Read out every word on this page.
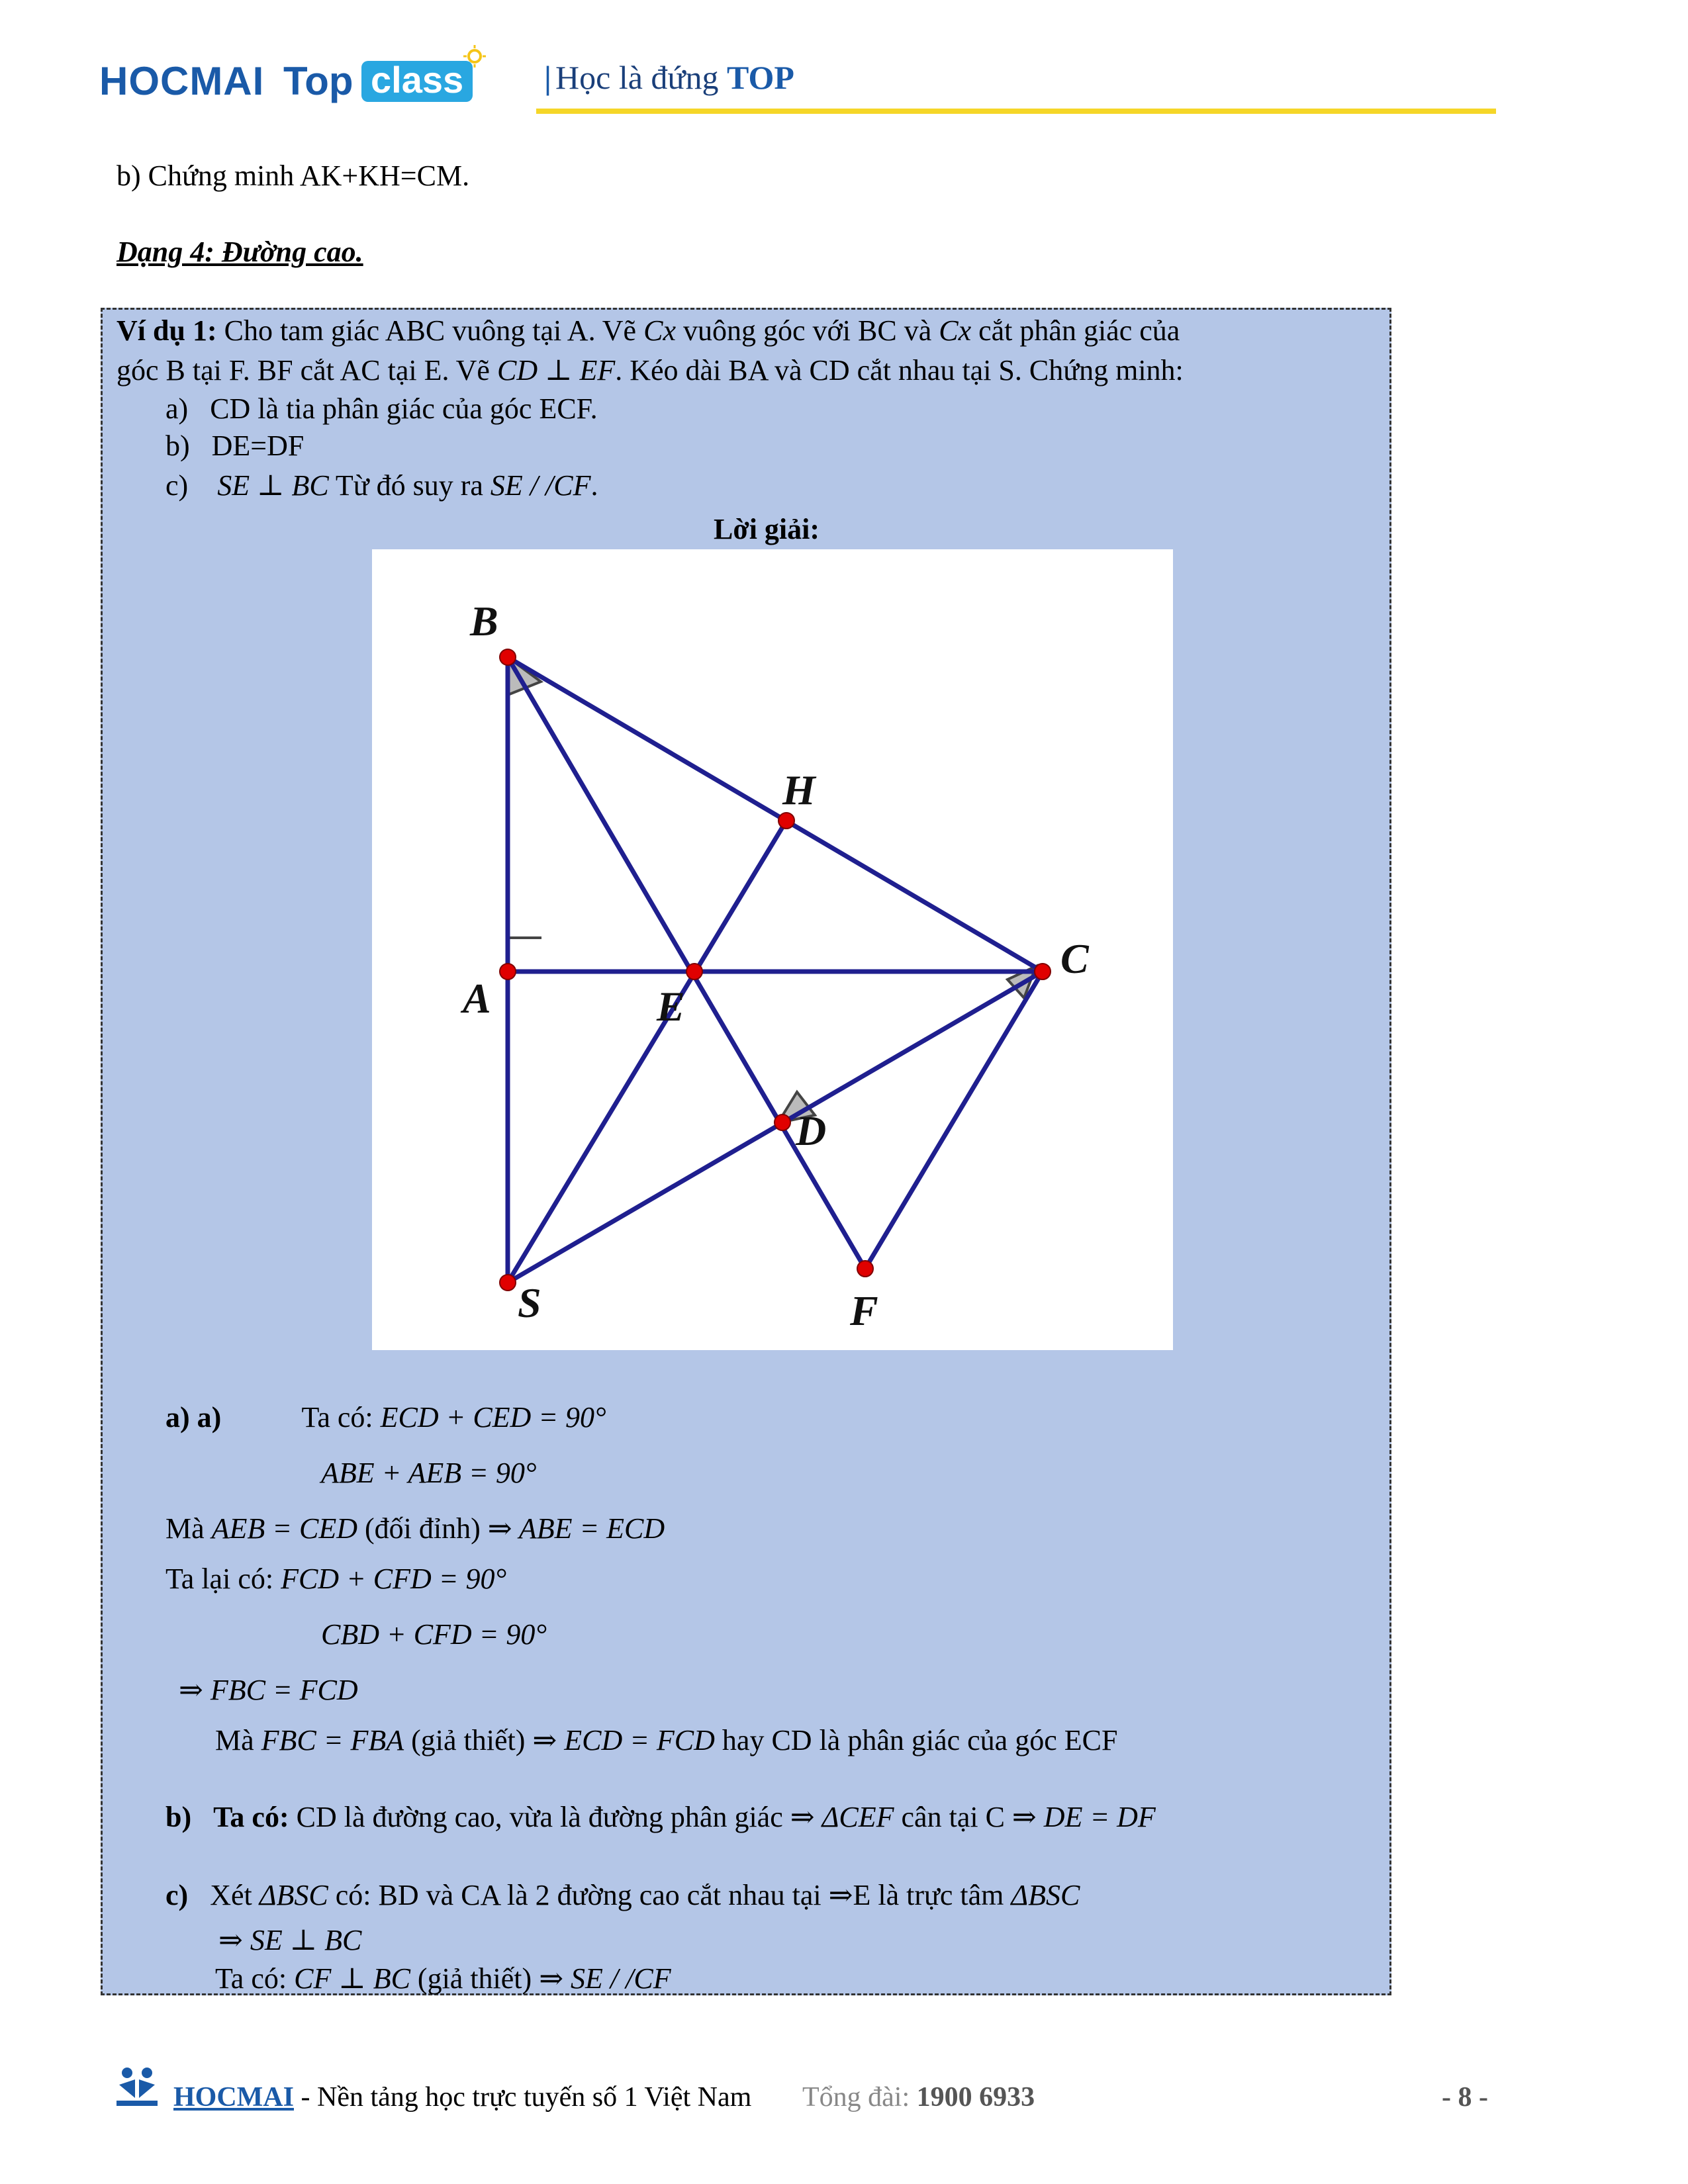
HOCMAI Top class | Học là đứng TOP
b) Chứng minh AK+KH=CM.
Dạng 4: Đường cao.
Ví dụ 1: Cho tam giác ABC vuông tại A. Vẽ Cx vuông góc với BC và Cx cắt phân giác của
góc B tại F. BF cắt AC tại E. Vẽ CD ⊥ EF. Kéo dài BA và CD cắt nhau tại S. Chứng minh:
a) CD là tia phân giác của góc ECF.
b) DE=DF
c) SE ⊥ BC Từ đó suy ra SE / /CF.
Lời giải:
B
H
A	E
C
D
S	F
a) a)	Ta có: ECD + CED = 90°
ABE + AEB = 90°
Mà AEB = CED (đối đỉnh) ⇒ ABE = ECD
Ta lại có: FCD + CFD = 90°
CBD + CFD = 90°
⇒ FBC = FCD
Mà FBC = FBA (giả thiết) ⇒ ECD = FCD hay CD là phân giác của góc ECF
b) Ta có: CD là đường cao, vừa là đường phân giác ⇒ ΔCEF cân tại C ⇒ DE = DF
c) Xét ΔBSC có: BD và CA là 2 đường cao cắt nhau tại ⇒E là trực tâm ΔBSC
⇒ SE ⊥ BC
Ta có: CF ⊥ BC (giả thiết) ⇒ SE / /CF
HOCMAI - Nền tảng học trực tuyến số 1 Việt Nam Tổng đài: 1900 6933	- 8 -
